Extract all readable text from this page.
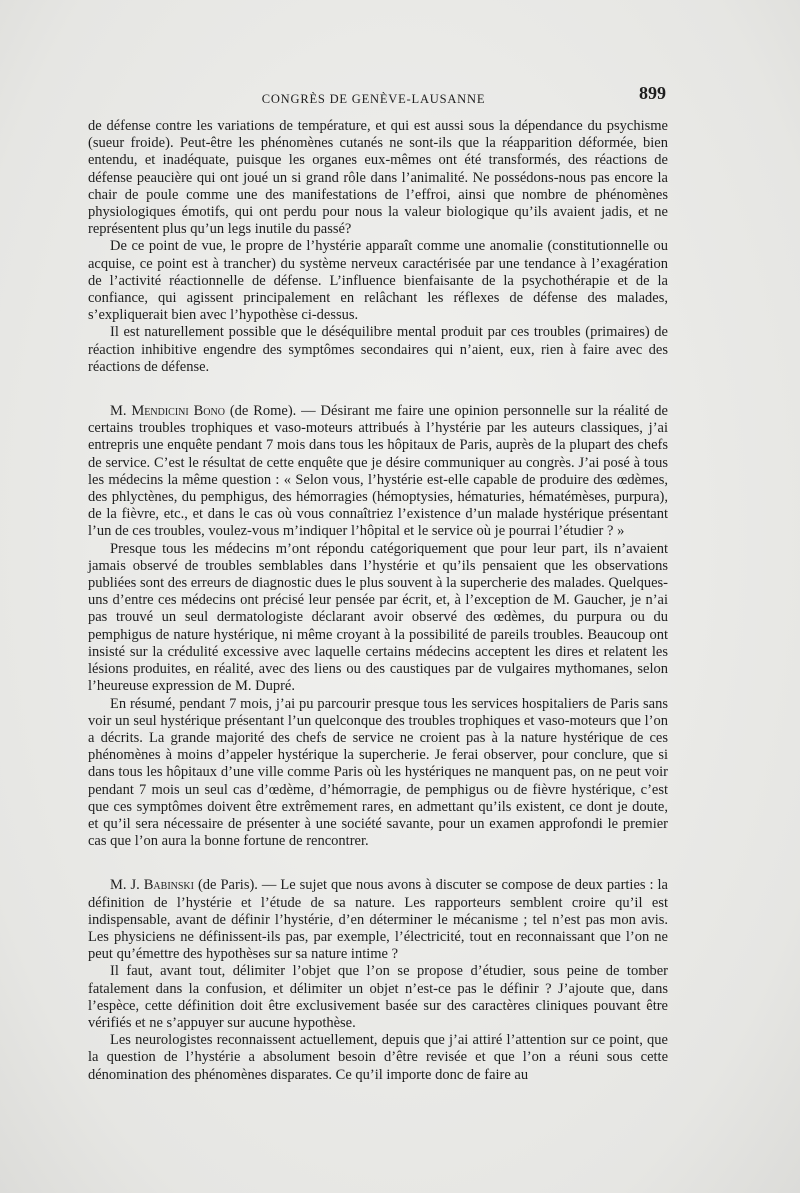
CONGRÈS DE GENÈVE-LAUSANNE	899

de défense contre les variations de température, et qui est aussi sous la dépendance du psychisme (sueur froide). Peut-être les phénomènes cutanés ne sont-ils que la réapparition déformée, bien entendu, et inadéquate, puisque les organes eux-mêmes ont été transformés, des réactions de défense peaucière qui ont joué un si grand rôle dans l’animalité. Ne possédons-nous pas encore la chair de poule comme une des manifestations de l’effroi, ainsi que nombre de phénomènes physiologiques émotifs, qui ont perdu pour nous la valeur biologique qu’ils avaient jadis, et ne représentent plus qu’un legs inutile du passé?

De ce point de vue, le propre de l’hystérie apparaît comme une anomalie (constitutionnelle ou acquise, ce point est à trancher) du système nerveux caractérisée par une tendance à l’exagération de l’activité réactionnelle de défense. L’influence bienfaisante de la psychothérapie et de la confiance, qui agissent principalement en relâchant les réflexes de défense des malades, s’expliquerait bien avec l’hypothèse ci-dessus.

Il est naturellement possible que le déséquilibre mental produit par ces troubles (primaires) de réaction inhibitive engendre des symptômes secondaires qui n’aient, eux, rien à faire avec des réactions de défense.

M. Mendicini Bono (de Rome). — Désirant me faire une opinion personnelle sur la réalité de certains troubles trophiques et vaso-moteurs attribués à l’hystérie par les auteurs classiques, j’ai entrepris une enquête pendant 7 mois dans tous les hôpitaux de Paris, auprès de la plupart des chefs de service. C’est le résultat de cette enquête que je désire communiquer au congrès. J’ai posé à tous les médecins la même question : « Selon vous, l’hystérie est-elle capable de produire des œdèmes, des phlyctènes, du pemphigus, des hémorragies (hémoptysies, hématuries, hématémèses, purpura), de la fièvre, etc., et dans le cas où vous connaîtriez l’existence d’un malade hystérique présentant l’un de ces troubles, voulez-vous m’indiquer l’hôpital et le service où je pourrai l’étudier ? »

Presque tous les médecins m’ont répondu catégoriquement que pour leur part, ils n’avaient jamais observé de troubles semblables dans l’hystérie et qu’ils pensaient que les observations publiées sont des erreurs de diagnostic dues le plus souvent à la supercherie des malades. Quelques-uns d’entre ces médecins ont précisé leur pensée par écrit, et, à l’exception de M. Gaucher, je n’ai pas trouvé un seul dermatologiste déclarant avoir observé des œdèmes, du purpura ou du pemphigus de nature hystérique, ni même croyant à la possibilité de pareils troubles. Beaucoup ont insisté sur la crédulité excessive avec laquelle certains médecins acceptent les dires et relatent les lésions produites, en réalité, avec des liens ou des caustiques par de vulgaires mythomanes, selon l’heureuse expression de M. Dupré.

En résumé, pendant 7 mois, j’ai pu parcourir presque tous les services hospitaliers de Paris sans voir un seul hystérique présentant l’un quelconque des troubles trophiques et vaso-moteurs que l’on a décrits. La grande majorité des chefs de service ne croient pas à la nature hystérique de ces phénomènes à moins d’appeler hystérique la supercherie. Je ferai observer, pour conclure, que si dans tous les hôpitaux d’une ville comme Paris où les hystériques ne manquent pas, on ne peut voir pendant 7 mois un seul cas d’œdème, d’hémorragie, de pemphigus ou de fièvre hystérique, c’est que ces symptômes doivent être extrêmement rares, en admettant qu’ils existent, ce dont je doute, et qu’il sera nécessaire de présenter à une société savante, pour un examen approfondi le premier cas que l’on aura la bonne fortune de rencontrer.

M. J. Babinski (de Paris). — Le sujet que nous avons à discuter se compose de deux parties : la définition de l’hystérie et l’étude de sa nature. Les rapporteurs semblent croire qu’il est indispensable, avant de définir l’hystérie, d’en déterminer le mécanisme ; tel n’est pas mon avis. Les physiciens ne définissent-ils pas, par exemple, l’électricité, tout en reconnaissant que l’on ne peut qu’émettre des hypothèses sur sa nature intime ?

Il faut, avant tout, délimiter l’objet que l’on se propose d’étudier, sous peine de tomber fatalement dans la confusion, et délimiter un objet n’est-ce pas le définir ? J’ajoute que, dans l’espèce, cette définition doit être exclusivement basée sur des caractères cliniques pouvant être vérifiés et ne s’appuyer sur aucune hypothèse.

Les neurologistes reconnaissent actuellement, depuis que j’ai attiré l’attention sur ce point, que la question de l’hystérie a absolument besoin d’être revisée et que l’on a réuni sous cette dénomination des phénomènes disparates. Ce qu’il importe donc de faire au
